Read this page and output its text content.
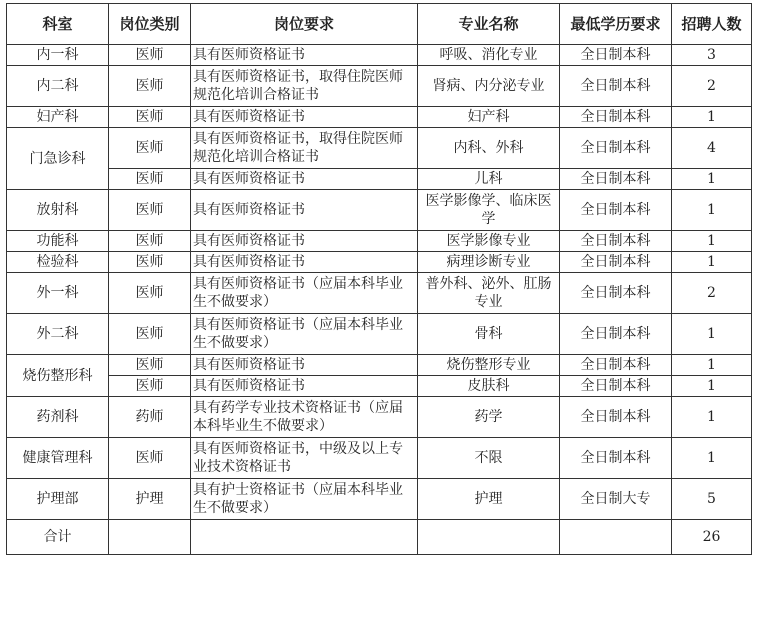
科室	岗位类别	岗位要求	专业名称	最低学历要求	招聘人数
内一科	医师	具有医师资格证书	呼吸、消化专业	全日制本科	3
内二科	医师	具有医师资格证书，取得住院医师规范化培训合格证书	肾病、内分泌专业	全日制本科	2
妇产科	医师	具有医师资格证书	妇产科	全日制本科	1
门急诊科	医师	具有医师资格证书，取得住院医师规范化培训合格证书	内科、外科	全日制本科	4
	医师	具有医师资格证书	儿科	全日制本科	1
放射科	医师	具有医师资格证书	医学影像学、临床医学	全日制本科	1
功能科	医师	具有医师资格证书	医学影像专业	全日制本科	1
检验科	医师	具有医师资格证书	病理诊断专业	全日制本科	1
外一科	医师	具有医师资格证书（应届本科毕业生不做要求）	普外科、泌外、肛肠专业	全日制本科	2
外二科	医师	具有医师资格证书（应届本科毕业生不做要求）	骨科	全日制本科	1
烧伤整形科	医师	具有医师资格证书	烧伤整形专业	全日制本科	1
	医师	具有医师资格证书	皮肤科	全日制本科	1
药剂科	药师	具有药学专业技术资格证书（应届本科毕业生不做要求）	药学	全日制本科	1
健康管理科	医师	具有医师资格证书，中级及以上专业技术资格证书	不限	全日制本科	1
护理部	护理	具有护士资格证书（应届本科毕业生不做要求）	护理	全日制大专	5
合计					26
